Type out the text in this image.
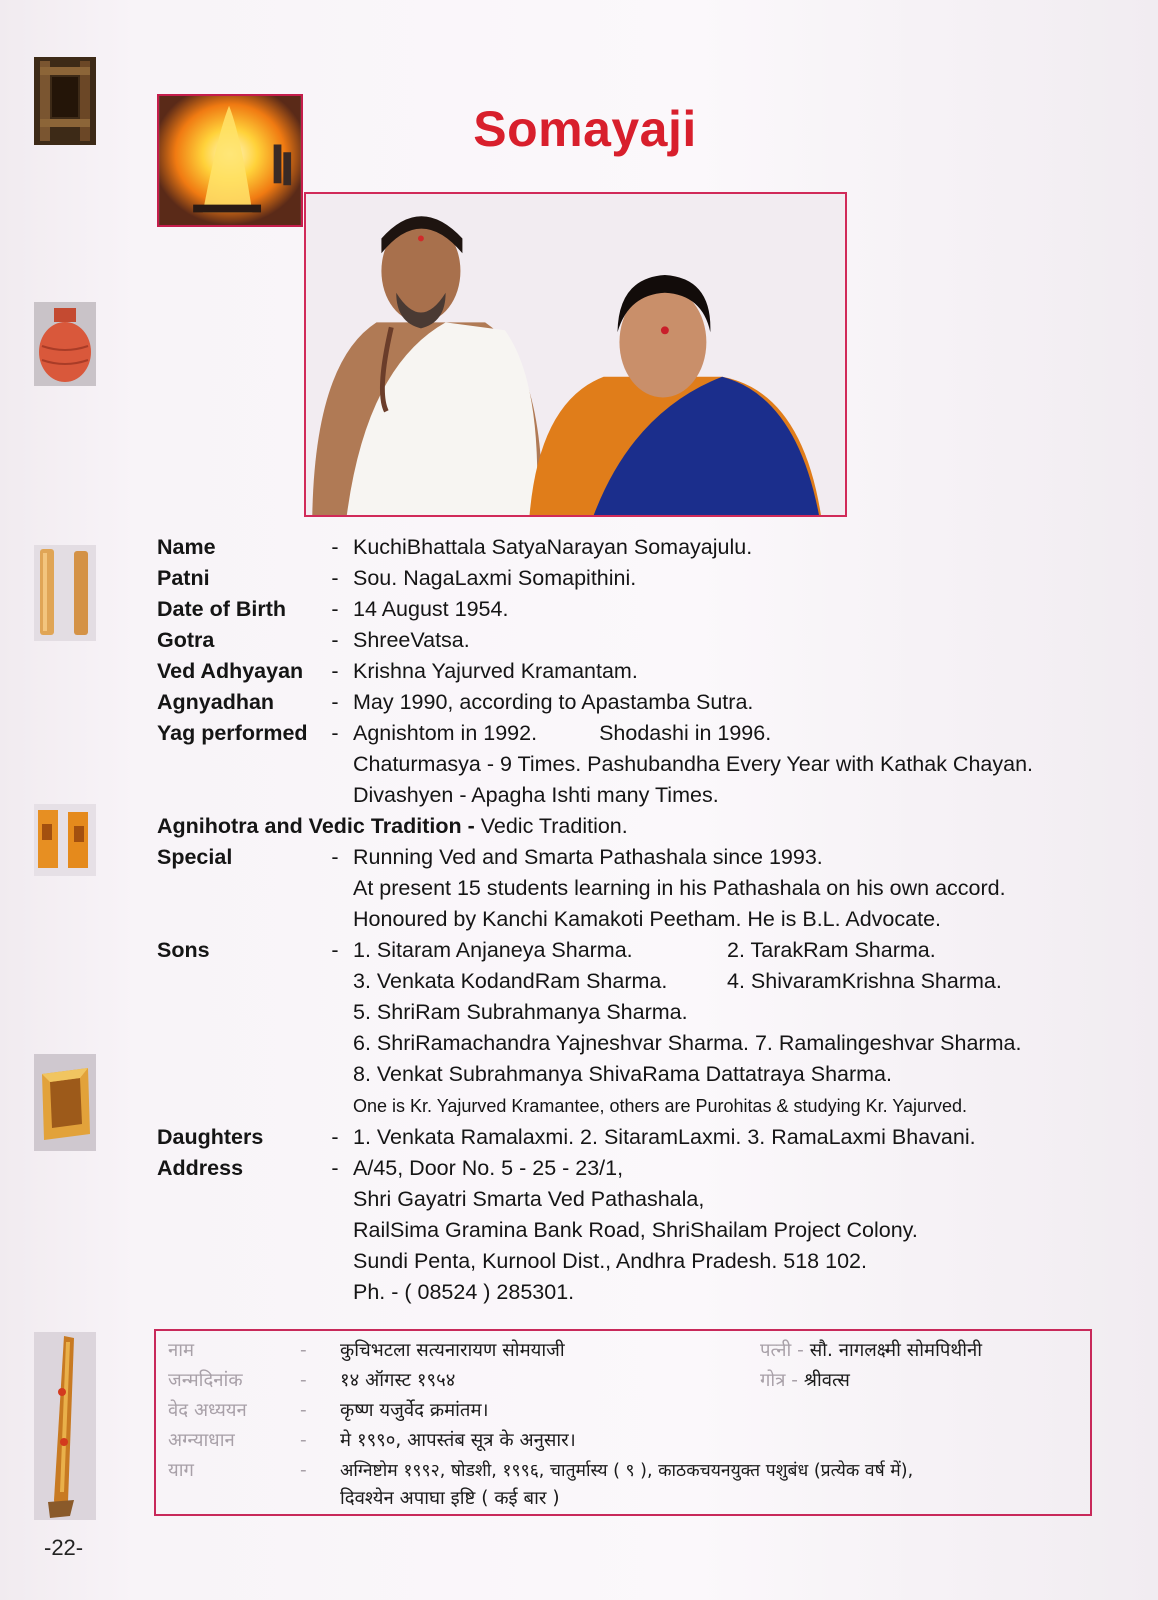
Somayaji
Name	- KuchiBhattala SatyaNarayan Somayajulu.
Patni	- Sou. NagaLaxmi Somapithini.
Date of Birth	- 14 August 1954.
Gotra	- ShreeVatsa.
Ved Adhyayan	- Krishna Yajurved Kramantam.
Agnyadhan	- May 1990, according to Apastamba Sutra.
Yag performed	- Agnishtom in 1992.	Shodashi in 1996.
Chaturmasya - 9 Times. Pashubandha Every Year with Kathak Chayan.
Divashyen - Apagha Ishti many Times.
Agnihotra and Vedic Tradition -
Vedic Tradition.
Special	- Running Ved and Smarta Pathashala since 1993.
At present 15 students learning in his Pathashala on his own accord.
Honoured by Kanchi Kamakoti Peetham. He is B.L. Advocate.
Sons	- 1. Sitaram Anjaneya Sharma.	2. TarakRam Sharma.
3. Venkata KodandRam Sharma.	4. ShivaramKrishna Sharma.
5. ShriRam Subrahmanya Sharma.
6. ShriRamachandra Yajneshvar Sharma. 7. Ramalingeshvar Sharma.
8. Venkat Subrahmanya ShivaRama Dattatraya Sharma.
One is Kr. Yajurved Kramantee, others are Purohitas & studying Kr. Yajurved.
Daughters	- 1. Venkata Ramalaxmi. 2. SitaramLaxmi. 3. RamaLaxmi Bhavani.
Address	- A/45, Door No. 5 - 25 - 23/1,
Shri Gayatri Smarta Ved Pathashala,
RailSima Gramina Bank Road, ShriShailam Project Colony.
Sundi Penta, Kurnool Dist., Andhra Pradesh. 518 102.
Ph. - ( 08524 ) 285301.
नाम	- कुचिभटला सत्यनारायण सोमयाजी	पत्नी - सौ. नागलक्ष्मी सोमपिथीनी
जन्मदिनांक	- १४ ऑगस्ट १९५४	गोत्र - श्रीवत्स
वेद अध्ययन	- कृष्ण यजुर्वेद क्रमांतम।
अग्न्याधान	- मे १९९०, आपस्तंब सूत्र के अनुसार।
याग	- अग्निष्टोम १९९२, षोडशी, १९९६, चातुर्मास्य ( ९ ), काठकचयनयुक्त पशुबंध (प्रत्येक वर्ष में),
दिवश्येन अपाघा इष्टि ( कई बार )
-22-
